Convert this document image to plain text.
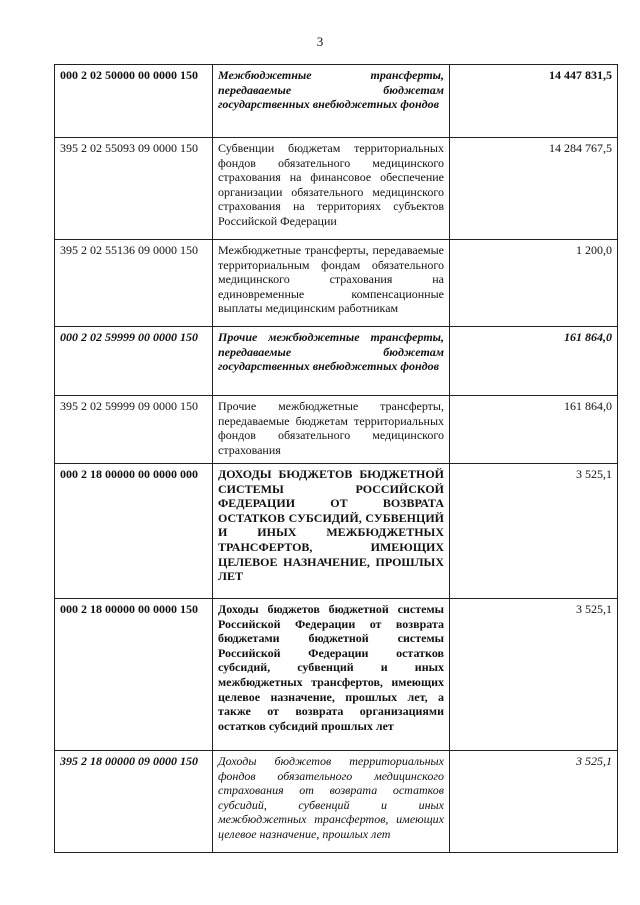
3
000 2 02 50000 00 0000 150	Межбюджетные трансферты, передаваемые бюджетам государственных внебюджетных фондов	14 447 831,5
395 2 02 55093 09 0000 150	Субвенции бюджетам территориальных фондов обязательного медицинского страхования на финансовое обеспечение организации обязательного медицинского страхования на территориях субъектов Российской Федерации	14 284 767,5
395 2 02 55136 09 0000 150	Межбюджетные трансферты, передаваемые территориальным фондам обязательного медицинского страхования на единовременные компенсационные выплаты медицинским работникам	1 200,0
000 2 02 59999 00 0000 150	Прочие межбюджетные трансферты, передаваемые бюджетам государственных внебюджетных фондов	161 864,0
395 2 02 59999 09 0000 150	Прочие межбюджетные трансферты, передаваемые бюджетам территориальных фондов обязательного медицинского страхования	161 864,0
000 2 18 00000 00 0000 000	ДОХОДЫ БЮДЖЕТОВ БЮДЖЕТНОЙ СИСТЕМЫ РОССИЙСКОЙ ФЕДЕРАЦИИ ОТ ВОЗВРАТА ОСТАТКОВ СУБСИДИЙ, СУБВЕНЦИЙ И ИНЫХ МЕЖБЮДЖЕТНЫХ ТРАНСФЕРТОВ, ИМЕЮЩИХ ЦЕЛЕВОЕ НАЗНАЧЕНИЕ, ПРОШЛЫХ ЛЕТ	3 525,1
000 2 18 00000 00 0000 150	Доходы бюджетов бюджетной системы Российской Федерации от возврата бюджетами бюджетной системы Российской Федерации остатков субсидий, субвенций и иных межбюджетных трансфертов, имеющих целевое назначение, прошлых лет, а также от возврата организациями остатков субсидий прошлых лет	3 525,1
395 2 18 00000 09 0000 150	Доходы бюджетов территориальных фондов обязательного медицинского страхования от возврата остатков субсидий, субвенций и иных межбюджетных трансфертов, имеющих целевое назначение, прошлых лет	3 525,1
